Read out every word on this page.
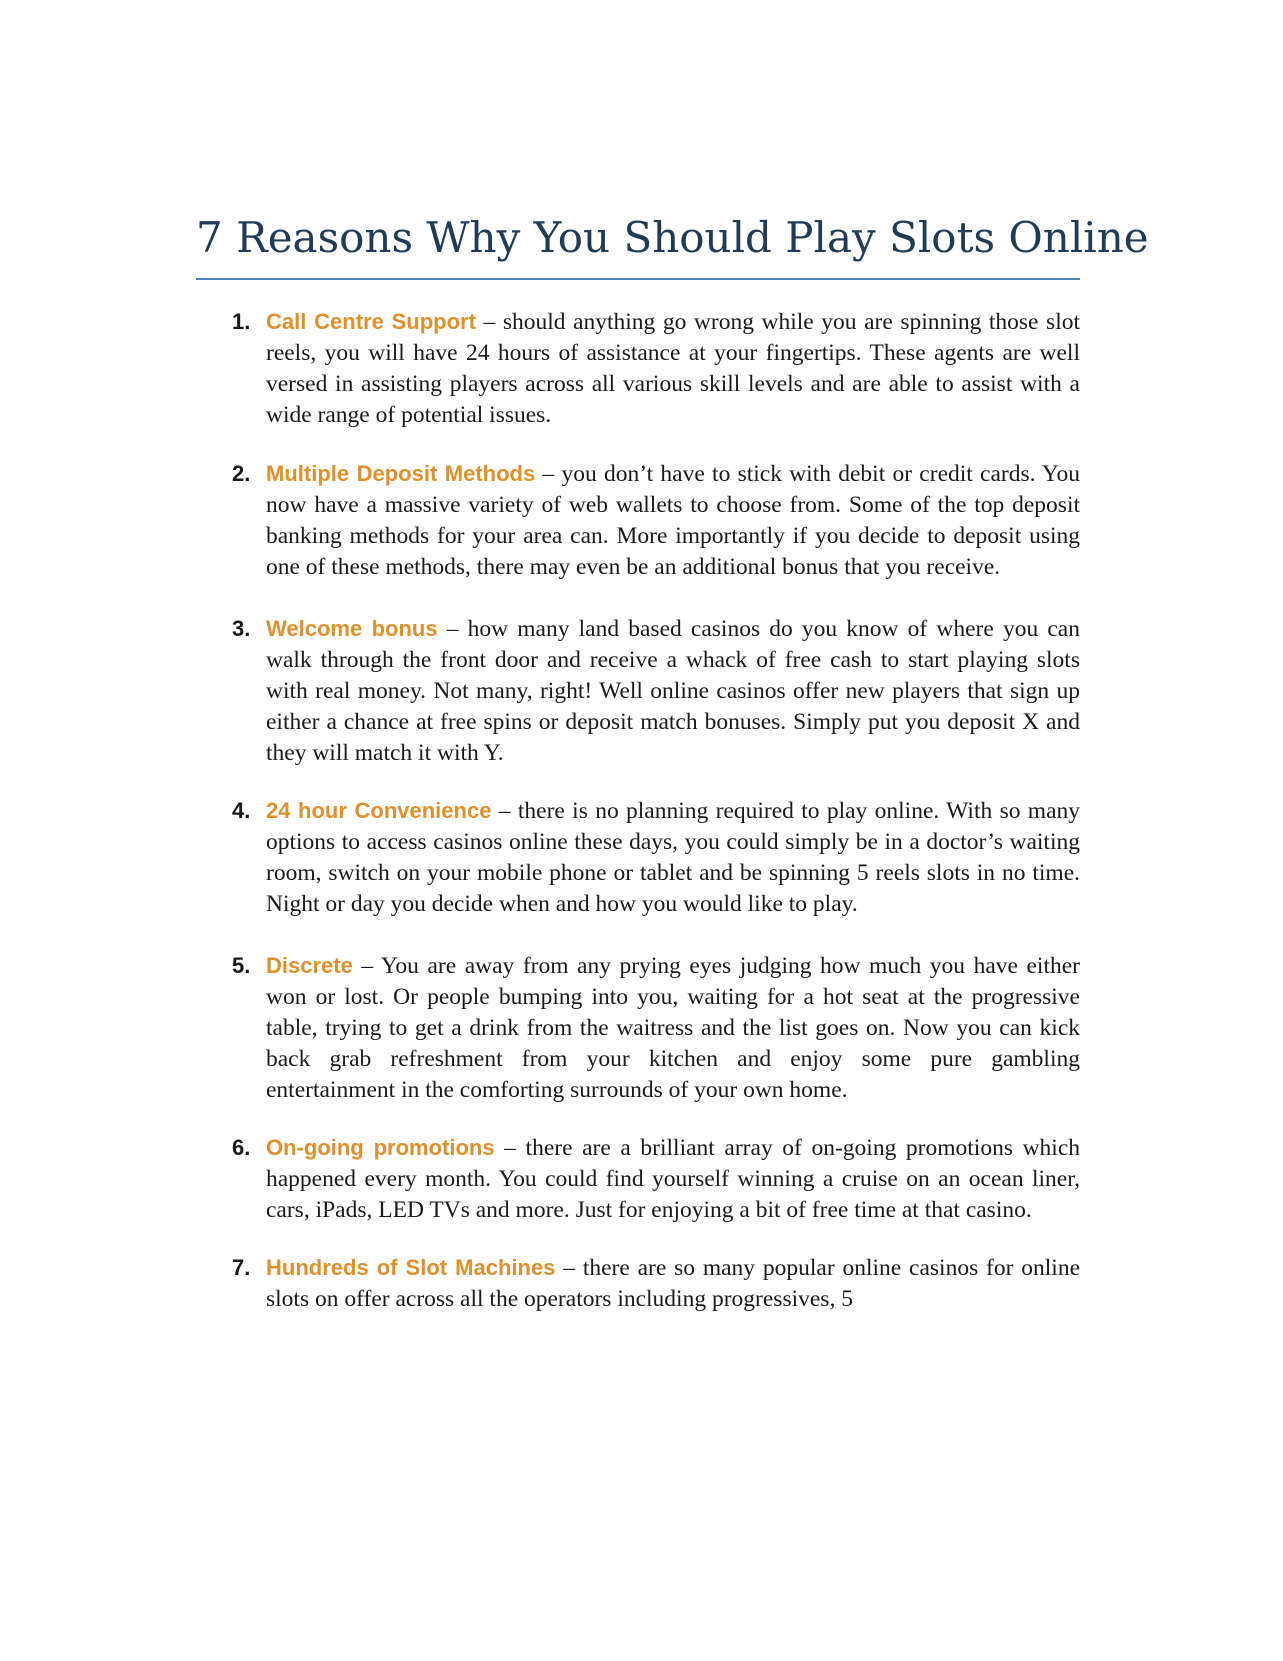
7 Reasons Why You Should Play Slots Online
1. Call Centre Support – should anything go wrong while you are spinning those slot reels, you will have 24 hours of assistance at your fingertips. These agents are well versed in assisting players across all various skill levels and are able to assist with a wide range of potential issues.
2. Multiple Deposit Methods – you don’t have to stick with debit or credit cards. You now have a massive variety of web wallets to choose from. Some of the top deposit banking methods for your area can. More importantly if you decide to deposit using one of these methods, there may even be an additional bonus that you receive.
3. Welcome bonus – how many land based casinos do you know of where you can walk through the front door and receive a whack of free cash to start playing slots with real money. Not many, right! Well online casinos offer new players that sign up either a chance at free spins or deposit match bonuses. Simply put you deposit X and they will match it with Y.
4. 24 hour Convenience – there is no planning required to play online. With so many options to access casinos online these days, you could simply be in a doctor’s waiting room, switch on your mobile phone or tablet and be spinning 5 reels slots in no time. Night or day you decide when and how you would like to play.
5. Discrete – You are away from any prying eyes judging how much you have either won or lost. Or people bumping into you, waiting for a hot seat at the progressive table, trying to get a drink from the waitress and the list goes on. Now you can kick back grab refreshment from your kitchen and enjoy some pure gambling entertainment in the comforting surrounds of your own home.
6. On-going promotions – there are a brilliant array of on-going promotions which happened every month. You could find yourself winning a cruise on an ocean liner, cars, iPads, LED TVs and more. Just for enjoying a bit of free time at that casino.
7. Hundreds of Slot Machines – there are so many popular online casinos for online slots on offer across all the operators including progressives, 5
